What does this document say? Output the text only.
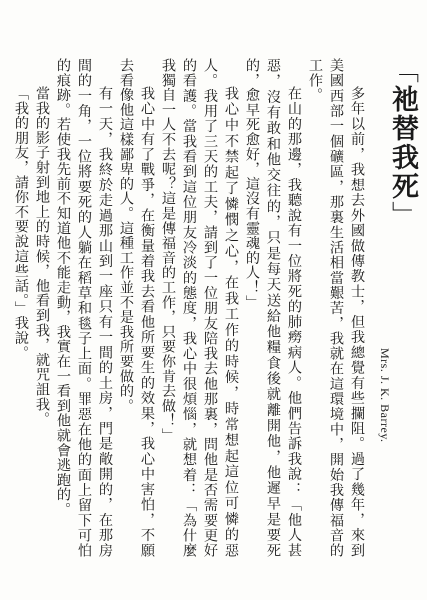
「祂替我死」
Mrs. J. K. Barrey.

多年以前，我想去外國做傳教士，但我總覺有些攔阻。過了幾年，來到美國西部一個礦區，那裏生活相當艱苦，我就在這環境中，開始我傳福音的工作。

在山的那邊，我聽說有一位將死的肺癆病人。他們告訴我說：「他人甚惡，沒有敢和他交往的，只是每天送給他糧食後就離開他，他遲早是要死的，愈早死愈好，這沒有靈魂的人！」

我心中不禁起了憐憫之心，在我工作的時候，時常想起這位可憐的惡人。我用了三天的工夫，請到了一位朋友陪我去他那裏，問他是否需要更好的看護。當我看到這位朋友冷淡的態度，我心中很煩惱，就想着：「為什麼我獨自一人不去呢？這是傳福音的工作，只要你肯去做！」

我心中有了戰爭，在衡量着我去看他所要生的效果，我心中害怕，不願去看像他這樣鄙卑的人。這種工作並不是我所要做的。

有一天，我終於走過那山到一座只有一間的土房，門是敞開的，在那房間的一角，一位將要死的人躺在稻草和毯子上面。罪惡在他的面上留下可怕的痕跡。若使我先前不知道他不能走動，我實在一看到他就會逃跑的。

當我的影子射到地上的時候，他看到我，就咒詛我。

「我的朋友，請你不要說這些話。」我說。
